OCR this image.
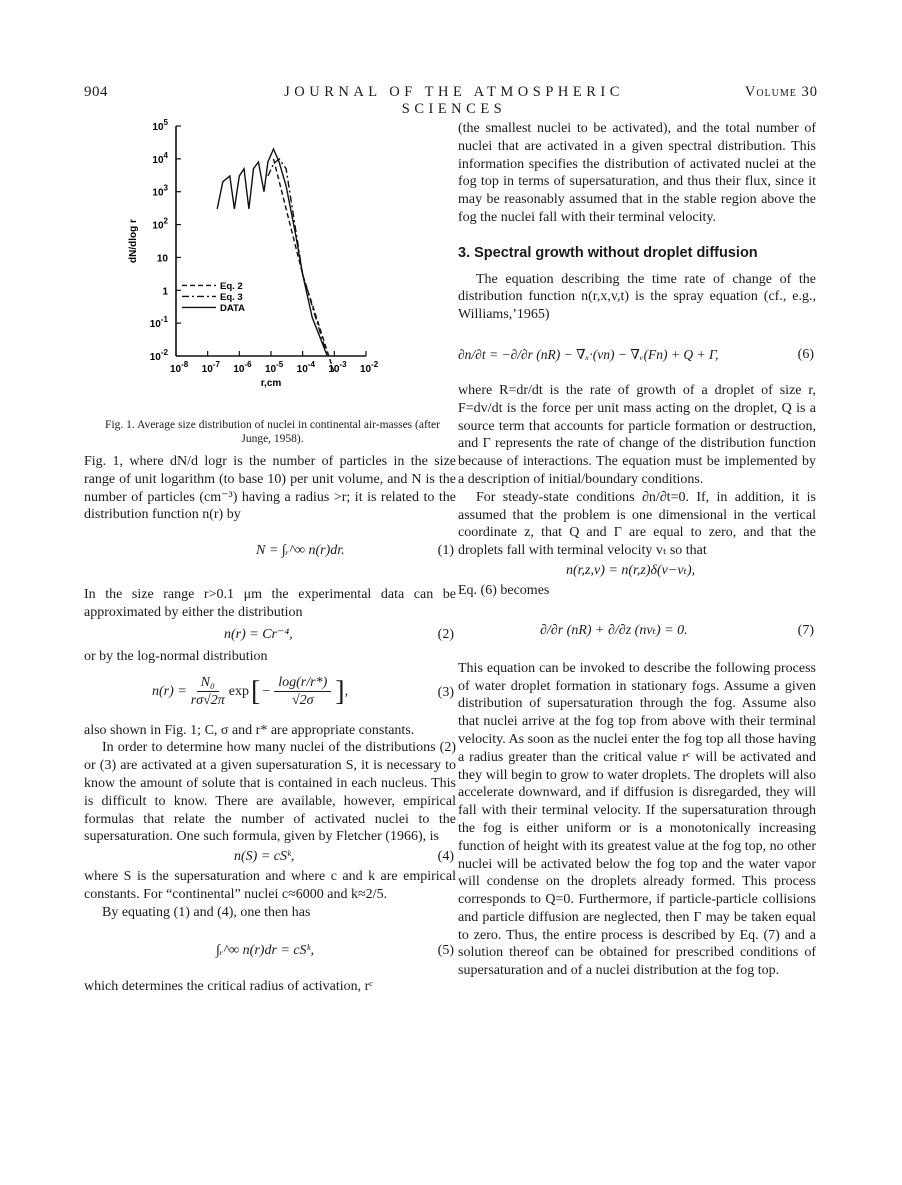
904	JOURNAL OF THE ATMOSPHERIC SCIENCES
Volume 30
$10^{-8}$ $10^{-7}$ $10^{-6}$ $10^{-5}$ $10^{-4}$ $10^{-3}$ $10^{-2}$
$10^{-2}$
$10^{-1}$
1
10
$10^2$
$10^3$
$10^4$
$10^5$
r,cm
dN/dlog r
Eq. 2
Eq. 3
DATA
Fig. 1. Average size distribution of nuclei in continental air-masses (after Junge, 1958).

Fig. 1, where dN/d logr is the number of particles in the size range of unit logarithm (to base 10) per unit volume, and N is the number of particles (cm⁻³) having a radius >r; it is related to the distribution function n(r) by

N = ∫ᵣ^∞ n(r)dr.	(1)

In the size range r>0.1 μm the experimental data can be approximated by either the distribution

n(r) = Cr⁻⁴,	(2)

or by the log-normal distribution

$n(r) = \frac{\text{N₀}}{r\sigma√2\pi}$ exp [ − $\frac{\log(r/r*)}{√2\sigma}$ ] ,	(3)

also shown in Fig. 1; C, σ and r* are appropriate constants.

In order to determine how many nuclei of the distributions (2) or (3) are activated at a given supersaturation S, it is necessary to know the amount of solute that is contained in each nucleus. This is difficult to know. There are available, however, empirical formulas that relate the number of activated nuclei to the supersaturation. One such formula, given by Fletcher (1966), is

n(S) = cSᵏ,	(4)

where S is the supersaturation and where c and k are empirical constants. For “continental” nuclei c≈6000 and k≈2/5.

By equating (1) and (4), one then has

∫ᵣ^∞ n(r)dr = cSᵏ,	(5)

which determines the critical radius of activation, rᶜ

(the smallest nuclei to be activated), and the total number of nuclei that are activated in a given spectral distribution. This information specifies the distribution of activated nuclei at the fog top in terms of supersaturation, and thus their flux, since it may be reasonably assumed that in the stable region above the fog the nuclei fall with their terminal velocity.

3. Spectral growth without droplet diffusion

The equation describing the time rate of change of the distribution function n(r,x,v,t) is the spray equation (cf., e.g., Williams,’1965)

∂n/∂t = −∂/∂r (nR) − ∇ₓ·(vn) − ∇ᵥ(Fn) + Q + Γ,	(6)

where R=dr/dt is the rate of growth of a droplet of size r, F=dv/dt is the force per unit mass acting on the droplet, Q is a source term that accounts for particle formation or destruction, and Γ represents the rate of change of the distribution function because of interactions. The equation must be implemented by a description of initial/boundary conditions.

For steady-state conditions ∂n/∂t=0. If, in addition, it is assumed that the problem is one dimensional in the vertical coordinate z, that Q and Γ are equal to zero, and that the droplets fall with terminal velocity vₜ so that

n(r,z,v) = n(r,z)δ(v−vₜ),

Eq. (6) becomes

∂/∂r (nR) + ∂/∂z (nvₜ) = 0.	(7)

This equation can be invoked to describe the following process of water droplet formation in stationary fogs. Assume a given distribution of supersaturation through the fog. Assume also that nuclei arrive at the fog top from above with their terminal velocity. As soon as the nuclei enter the fog top all those having a radius greater than the critical value rᶜ will be activated and they will begin to grow to water droplets. The droplets will also accelerate downward, and if diffusion is disregarded, they will fall with their terminal velocity. If the supersaturation through the fog is either uniform or is a monotonically increasing function of height with its greatest value at the fog top, no other nuclei will be activated below the fog top and the water vapor will condense on the droplets already formed. This process corresponds to Q=0. Furthermore, if particle-particle collisions and particle diffusion are neglected, then Γ may be taken equal to zero. Thus, the entire process is described by Eq. (7) and a solution thereof can be obtained for prescribed conditions of supersaturation and of a nuclei distribution at the fog top.
